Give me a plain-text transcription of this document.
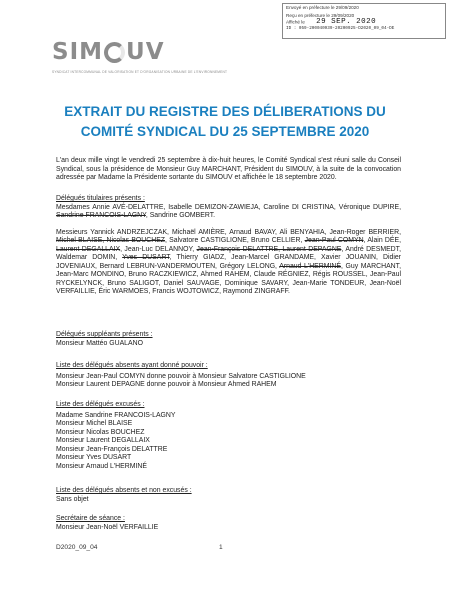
Envoyé en préfecture le 29/09/2020
Reçu en préfecture le 29/09/2020
Affiché le 29 SEP. 2020
ID : 059-200040939-20200925-D2020_09_04-DE
SIM UV
SYNDICAT INTERCOMMUNAL DE VALORISATION ET D'ORGANISATION URBAINE DE L'ENVIRONNEMENT
EXTRAIT DU REGISTRE DES DÉLIBERATIONS DU
COMITÉ SYNDICAL DU 25 SEPTEMBRE 2020

L'an deux mille vingt le vendredi 25 septembre à dix-huit heures, le Comité Syndical s'est réuni salle du Conseil Syndical, sous la présidence de Monsieur Guy MARCHANT, Président du SIMOUV, à la suite de la convocation adressée par Madame la Présidente sortante du SIMOUV et affichée le 18 septembre 2020.

Délégués titulaires présents :

Mesdames Annie AVÉ-DELATTRE, Isabelle DEMIZON-ZAWIEJA, Caroline DI CRISTINA, Véronique DUPIRE, Sandrine FRANCOIS-LAGNY, Sandrine GOMBERT.

Messieurs Yannick ANDRZEJCZAK, Michaël AMIÈRE, Arnaud BAVAY, Ali BENYAHIA, Jean-Roger BERRIER, Michel BLAISE, Nicolas BOUCHEZ, Salvatore CASTIGLIONE, Bruno CELLIER, Jean-Paul COMYN, Alain DÉE, Laurent DEGALLAIX, Jean-Luc DELANNOY, Jean-François DELATTRE, Laurent DEPAGNE, André DESMEDT, Waldemar DOMIN, Yves DUSART, Thierry GIADZ, Jean-Marcel GRANDAME, Xavier JOUANIN, Didier JOVENIAUX, Bernard LEBRUN-VANDERMOUTEN, Grégory LELONG, Arnaud L'HERMINÉ, Guy MARCHANT, Jean-Marc MONDINO, Bruno RACZKIEWICZ, Ahmed RAHEM, Claude RÉGNIEZ, Régis ROUSSEL, Jean-Paul RYCKELYNCK, Bruno SALIGOT, Daniel SAUVAGE, Dominique SAVARY, Jean-Marie TONDEUR, Jean-Noël VERFAILLIE, Éric WARMOES, Francis WOJTOWICZ, Raymond ZINGRAFF.

Délégués suppléants présents :
Monsieur Mattéo GUALANO
Liste des délégués absents ayant donné pouvoir :
Monsieur Jean-Paul COMYN donne pouvoir à Monsieur Salvatore CASTIGLIONE
Monsieur Laurent DEPAGNE donne pouvoir à Monsieur Ahmed RAHEM
Liste des délégués excusés :
Madame Sandrine FRANCOIS-LAGNY
Monsieur Michel BLAISE
Monsieur Nicolas BOUCHEZ
Monsieur Laurent DEGALLAIX
Monsieur Jean-François DELATTRE
Monsieur Yves DUSART
Monsieur Arnaud L'HERMINÉ
Liste des délégués absents et non excusés :
Sans objet
Secrétaire de séance :
Monsieur Jean-Noël VERFAILLIE
D2020_09_04	1
